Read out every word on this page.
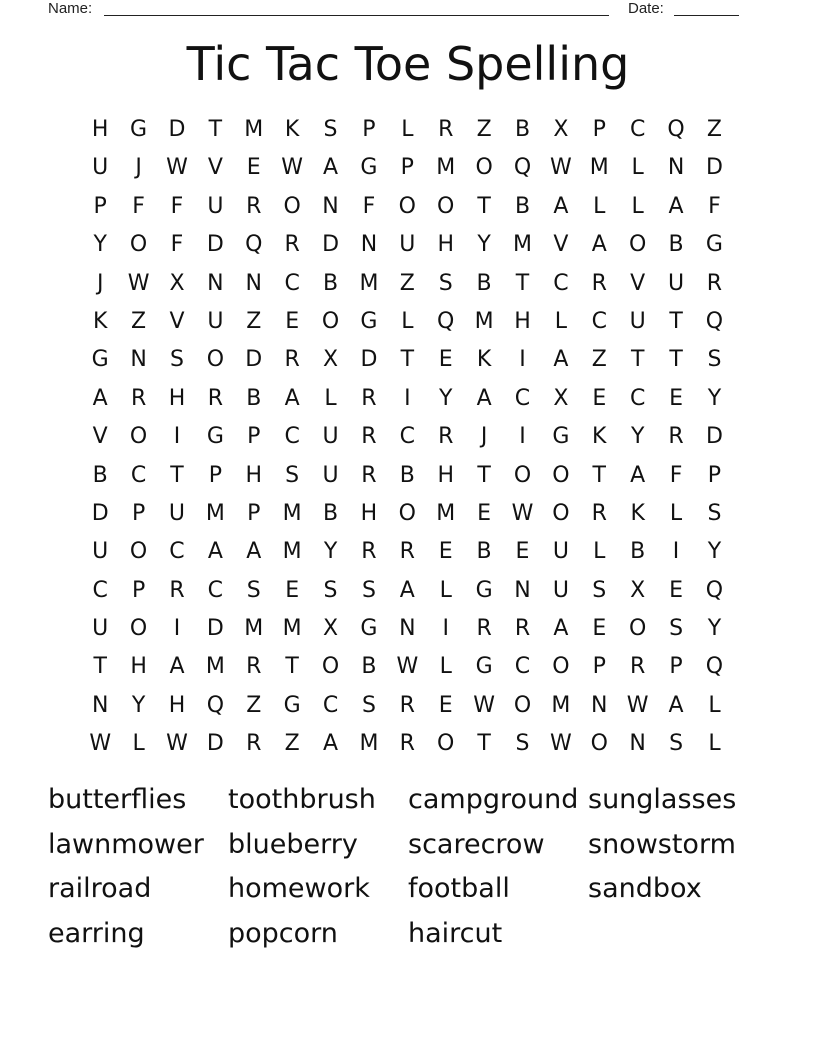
Name:	Date:
Tic Tac Toe Spelling
H G D	T	M K	S	P	L	R	Z	B	X	P	C	Q	Z
U	J	W V	E W A	G	P	M O Q W M	L	N D
P	F	F	U	R	O N	F	O O	T	B	A	L	L	A	F
Y	O	F	D Q	R	D N	U	H	Y	M V	A	O	B	G
J	W X	N N	C	B M Z	S	B	T	C	R	V	U	R
K	Z	V	U	Z	E	O G	L	Q M H	L	C	U	T	Q
G N	S	O D	R	X	D	T	E	K	I	A	Z	T	T	S
A	R	H	R	B	A	L	R	I	Y	A	C	X	E	C	E	Y
V	O	I	G	P	C	U	R	C	R	J	I	G	K	Y	R	D
B	C	T	P	H	S	U	R	B	H	T	O O	T	A	F	P
D	P	U M	P	M B	H O M E W O	R	K	L	S
U O	C	A	A M	Y	R	R	E	B	E	U	L	B	I	Y
C	P	R	C	S	E	S	S	A	L	G N	U	S	X	E	Q
U O	I	D M M X	G N	I	R	R	A	E	O	S	Y
T	H	A M R	T	O	B W L	G	C	O	P	R	P	Q
N	Y	H Q	Z	G	C	S	R	E W O M N W A	L
W L W D	R	Z	A M R	O	T	S W O N	S	L
butterflies	toothbrush	campground sunglasses
lawnmower blueberry	scarecrow	snowstorm
railroad	homework	football	sandbox
earring	popcorn	haircut
